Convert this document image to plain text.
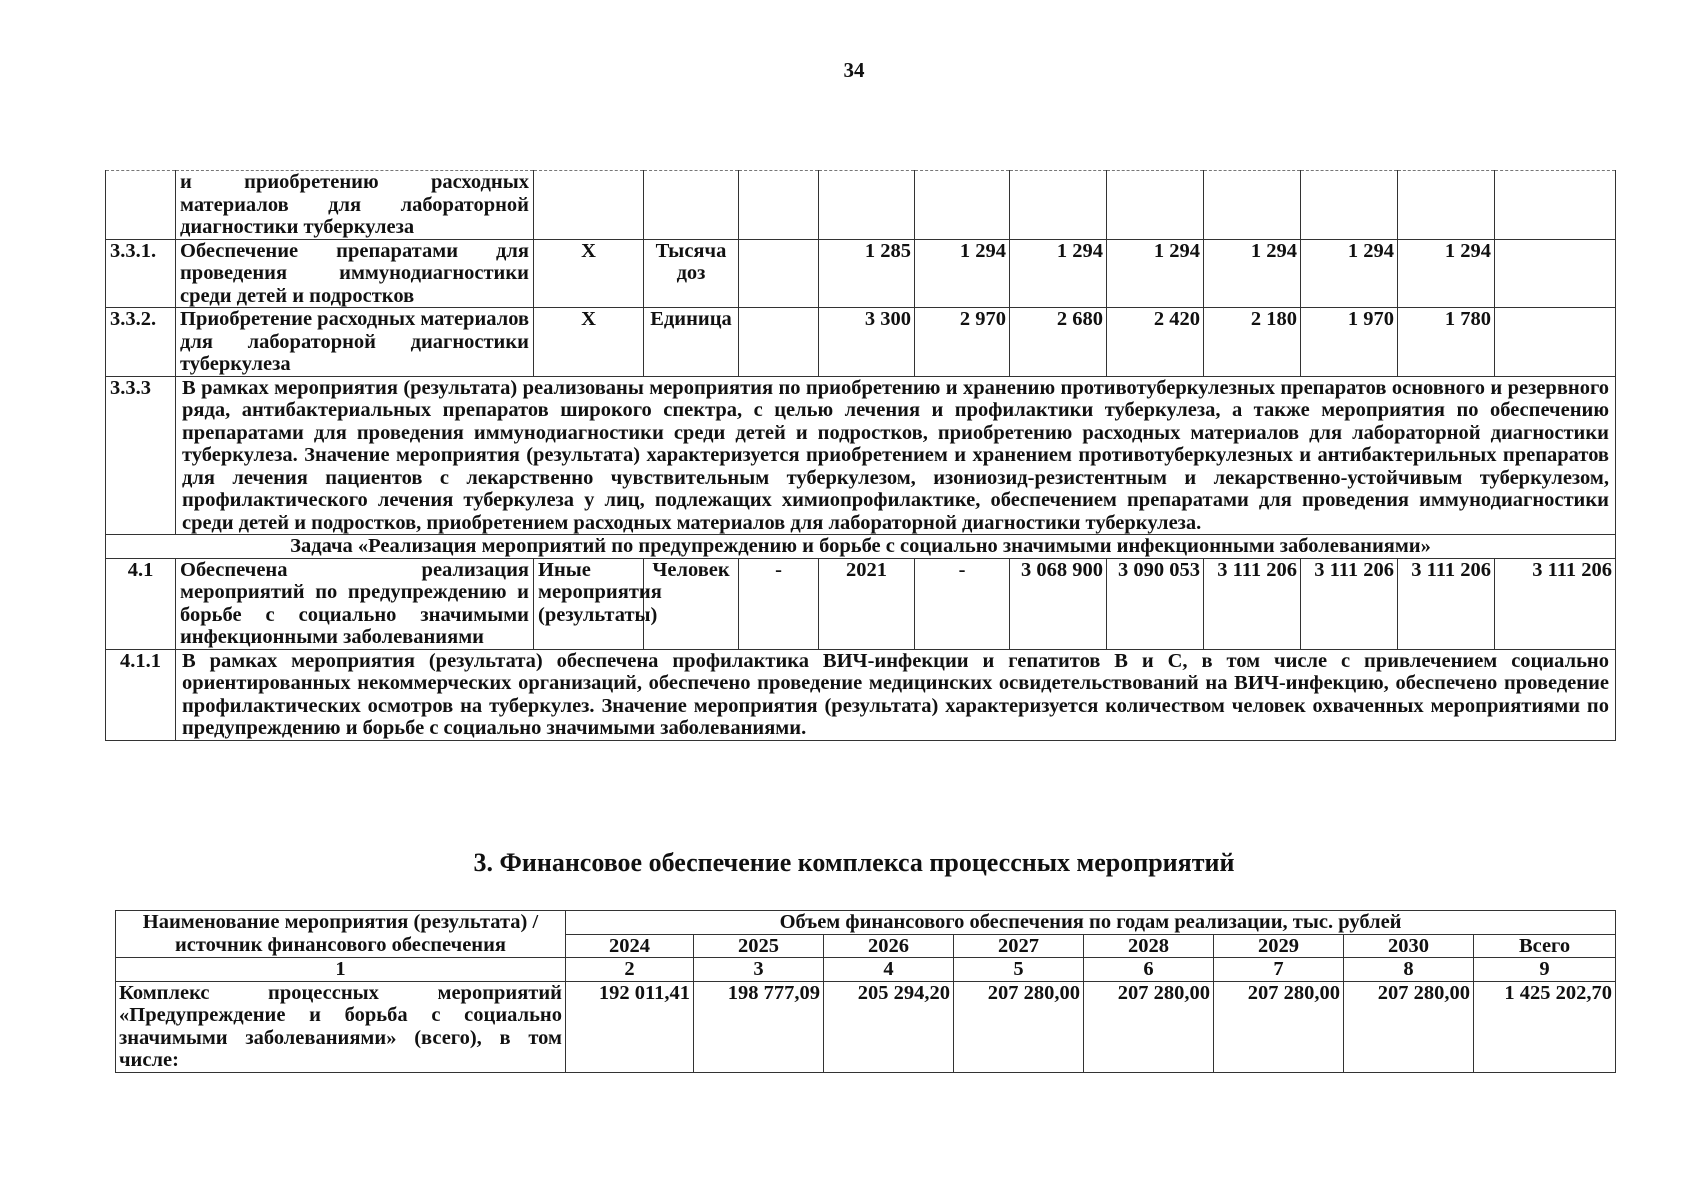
34
	и приобретению расходных материалов для лабораторной диагностики туберкулеза											
3.3.1.	Обеспечение препаратами для проведения иммунодиагностики среди детей и подростков	X	Тысяча доз		1 285	1 294	1 294	1 294	1 294	1 294	1 294	
3.3.2.	Приобретение расходных материалов для лабораторной диагностики туберкулеза	X	Единица		3 300	2 970	2 680	2 420	2 180	1 970	1 780	
3.3.3	В рамках мероприятия (результата) реализованы мероприятия по приобретению и хранению противотуберкулезных препаратов основного и резервного ряда, антибактериальных препаратов широкого спектра, с целью лечения и профилактики туберкулеза, а также мероприятия по обеспечению препаратами для проведения иммунодиагностики среди детей и подростков, приобретению расходных материалов для лабораторной диагностики туберкулеза. Значение мероприятия (результата) характеризуется приобретением и хранением противотуберкулезных и антибактерильных препаратов для лечения пациентов с лекарственно чувствительным туберкулезом, изониозид-резистентным и лекарственно-устойчивым туберкулезом, профилактического лечения туберкулеза у лиц, подлежащих химиопрофилактике, обеспечением препаратами для проведения иммунодиагностики среди детей и подростков, приобретением расходных материалов для лабораторной диагностики туберкулеза.											
Задача «Реализация мероприятий по предупреждению и борьбе с социально значимыми инфекционными заболеваниями»												
4.1	Обеспечена реализация мероприятий по предупреждению и борьбе с социально значимыми инфекционными заболеваниями	Иные мероприятия (результаты)	Человек	-	2021	-	3 068 900	3 090 053	3 111 206	3 111 206	3 111 206	3 111 206
4.1.1	В рамках мероприятия (результата) обеспечена профилактика ВИЧ-инфекции и гепатитов В и С, в том числе с привлечением социально ориентированных некоммерческих организаций, обеспечено проведение медицинских освидетельствований на ВИЧ-инфекцию, обеспечено проведение профилактических осмотров на туберкулез. Значение мероприятия (результата) характеризуется количеством человек охваченных мероприятиями по предупреждению и борьбе с социально значимыми заболеваниями.											
3. Финансовое обеспечение комплекса процессных мероприятий
Наименование мероприятия (результата) / источник финансового обеспечения	Объем финансового обеспечения по годам реализации, тыс. рублей							
	2024	2025	2026	2027	2028	2029	2030	Всего
1	2	3	4	5	6	7	8	9
Комплекс процессных мероприятий «Предупреждение и борьба с социально значимыми заболеваниями» (всего), в том числе:	192 011,41	198 777,09	205 294,20	207 280,00	207 280,00	207 280,00	207 280,00	1 425 202,70
